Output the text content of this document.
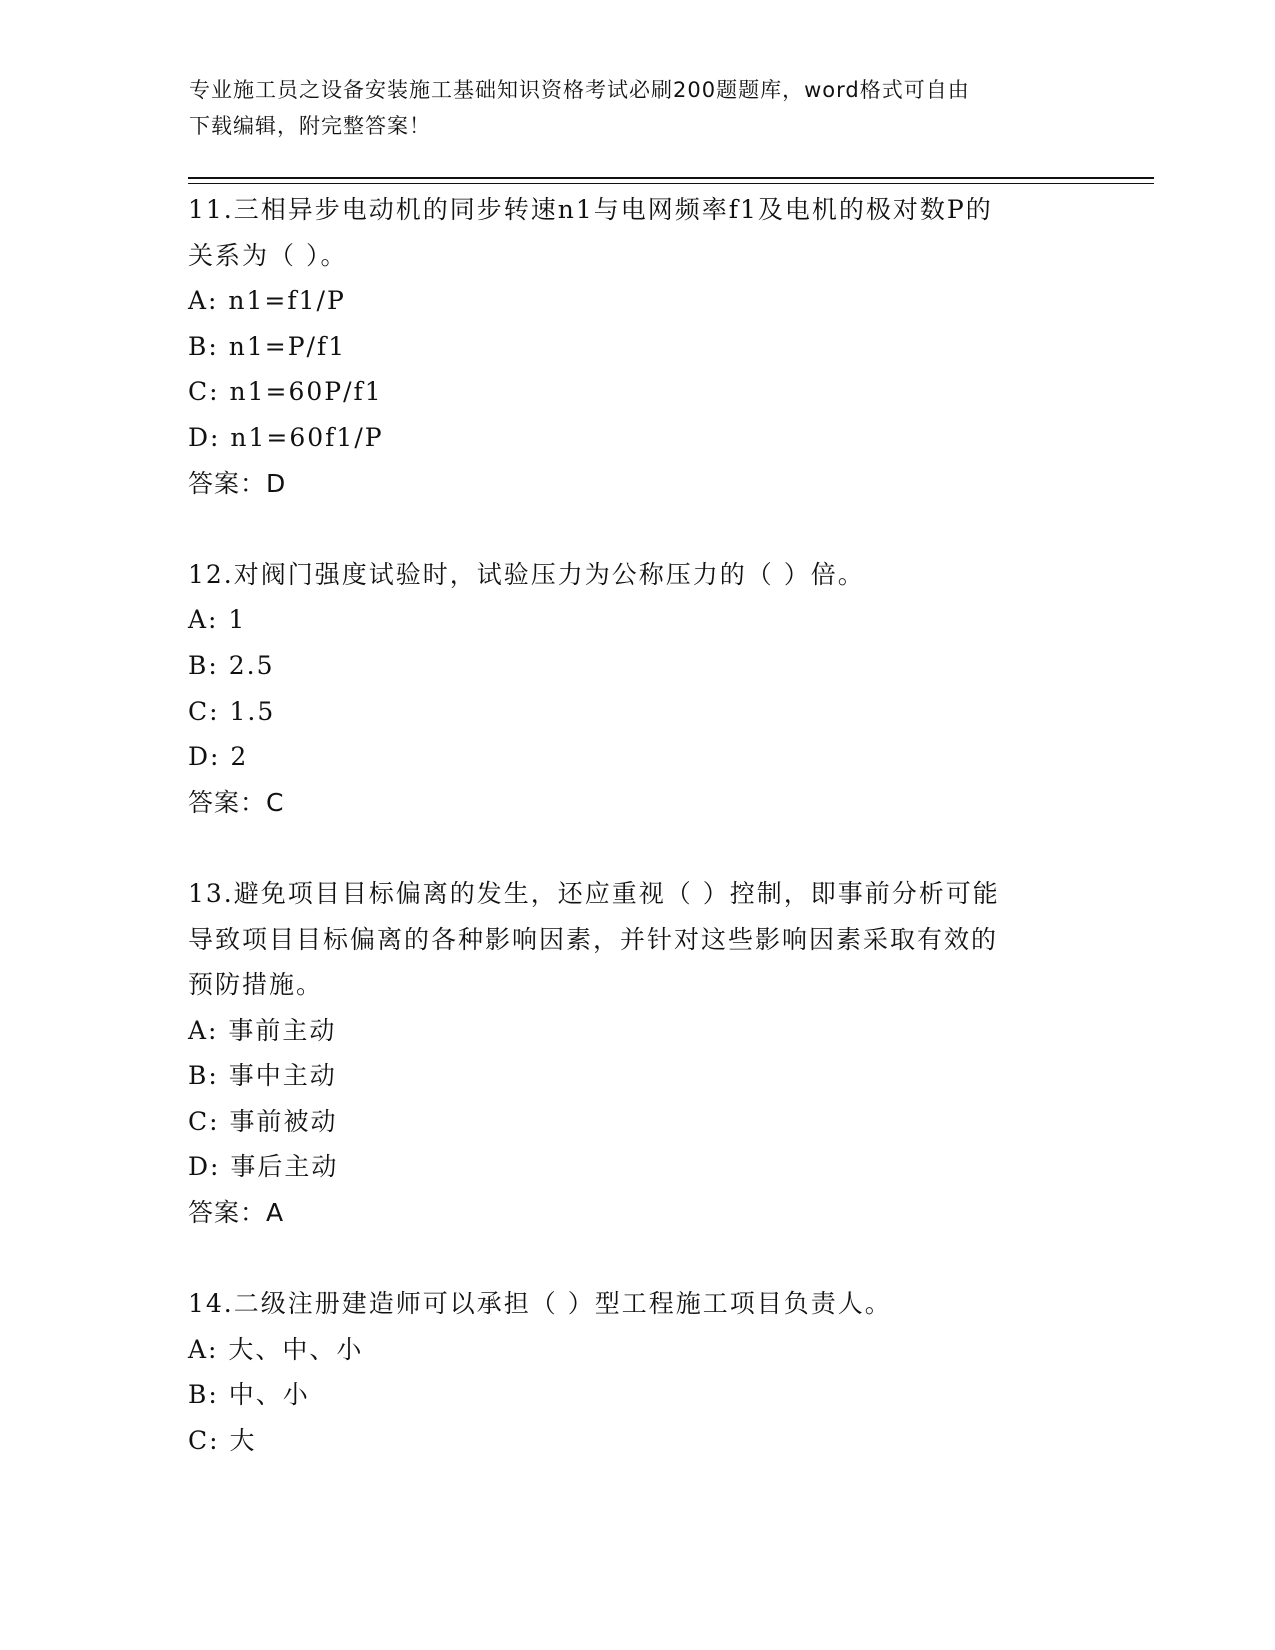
专业施工员之设备安装施工基础知识资格考试必刷200题题库，word格式可自由
下载编辑，附完整答案！
11.三相异步电动机的同步转速n1与电网频率f1及电机的极对数P的
关系为（ ）。
A: n1=f1/P
B: n1=P/f1
C: n1=60P/f1
D: n1=60f1/P
答案：D
12.对阀门强度试验时，试验压力为公称压力的（ ）倍。
A: 1
B: 2.5
C: 1.5
D: 2
答案：C
13.避免项目目标偏离的发生，还应重视（ ）控制，即事前分析可能
导致项目目标偏离的各种影响因素，并针对这些影响因素采取有效的
预防措施。
A: 事前主动
B: 事中主动
C: 事前被动
D: 事后主动
答案：A
14.二级注册建造师可以承担（ ）型工程施工项目负责人。
A: 大、中、小
B: 中、小
C: 大
